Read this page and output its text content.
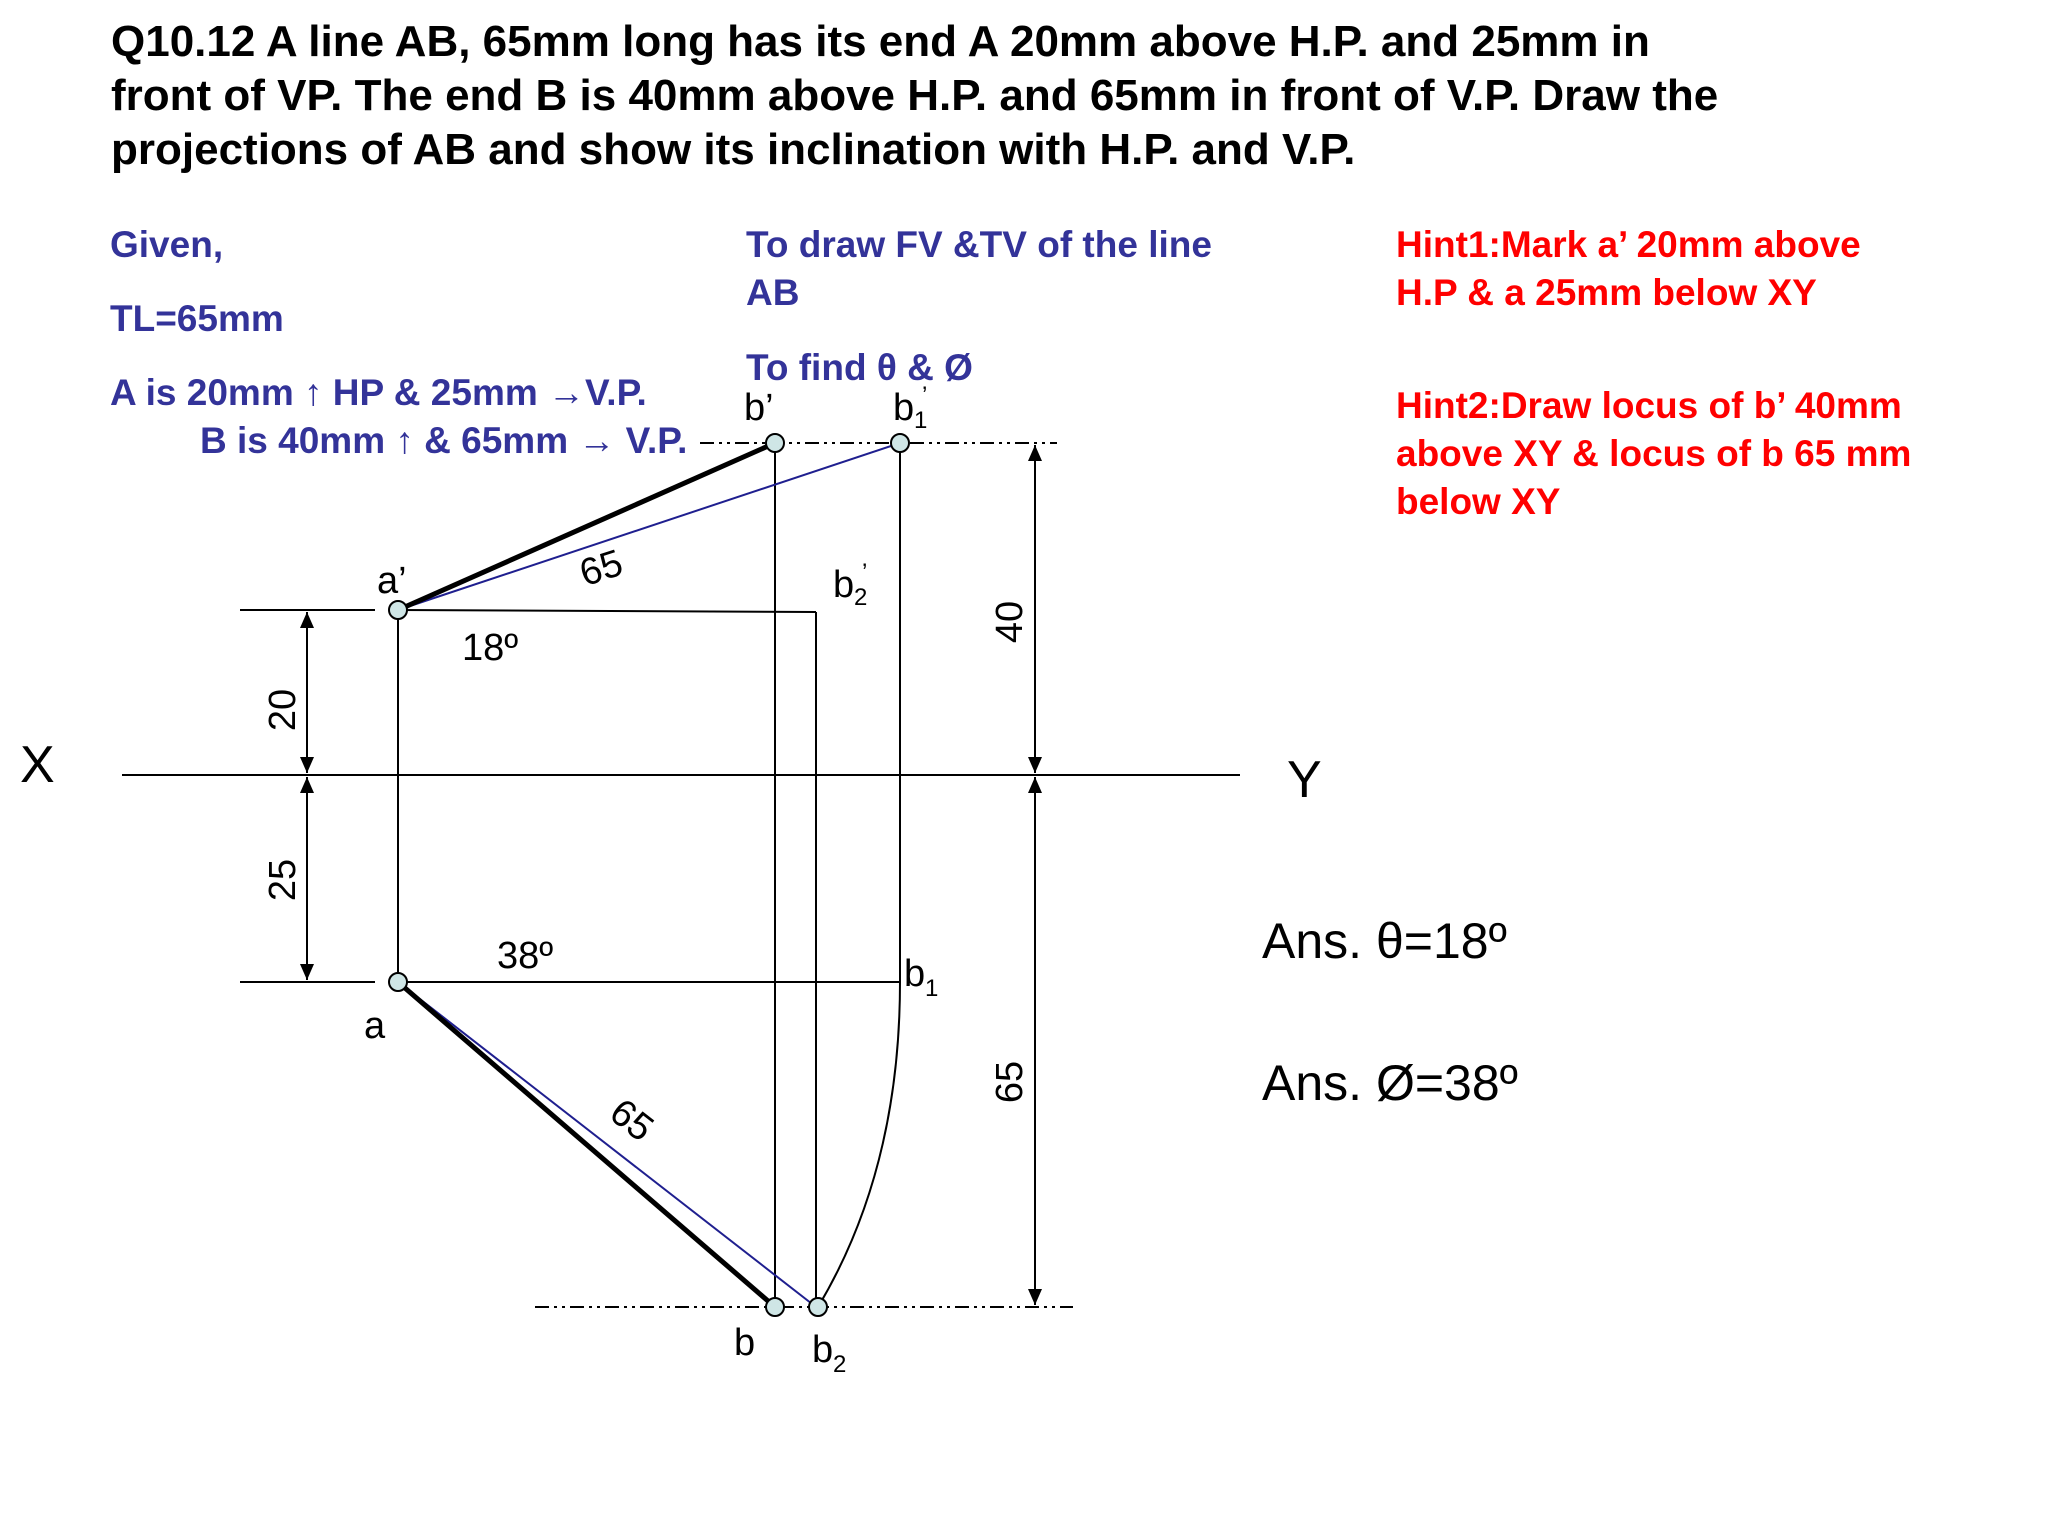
Q10.12 A line AB, 65mm long has its end A 20mm above H.P. and 25mm in
front of VP. The end B is 40mm above H.P. and 65mm in front of V.P. Draw the
projections of AB and show its inclination with H.P. and V.P.
Given,
TL=65mm
A is 20mm ↑ HP & 25mm →V.P.
B is 40mm ↑ & 65mm → V.P.
To draw FV &TV of the line
AB
To find θ & Ø
Hint1:Mark a’ 20mm above
H.P & a 25mm below XY
Hint2:Draw locus of b’ 40mm
above XY & locus of b 65 mm
below XY
Ans. θ=18º
Ans. Ø=38º
X	Y
20
25
40
65
a’
a
b’
b
b 1
’
b 2
’
b 1
b 2
65
65
18º
38º
